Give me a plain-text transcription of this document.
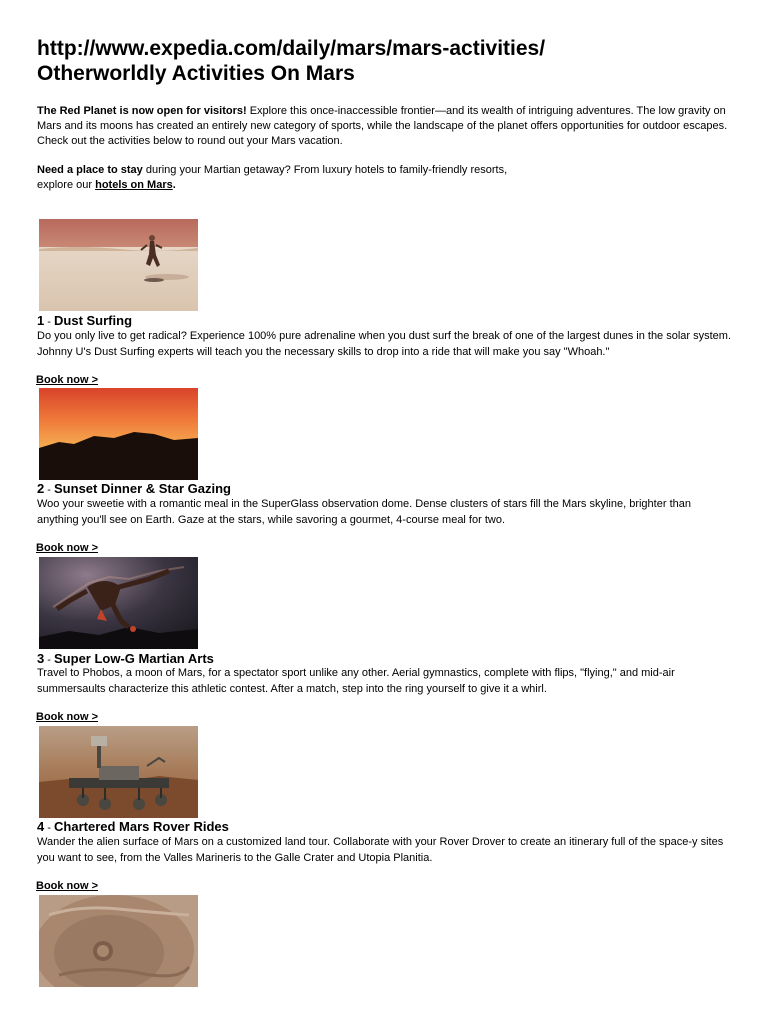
http://www.expedia.com/daily/mars/mars-activities/
Otherworldly Activities On Mars

The Red Planet is now open for visitors! Explore this once-inaccessible frontier—and its wealth of intriguing adventures. The low gravity on Mars and its moons has created an entirely new category of sports, while the landscape of the planet offers opportunities for outdoor escapes. Check out the activities below to round out your Mars vacation.

Need a place to stay during your Martian getaway? From luxury hotels to family-friendly resorts,
explore our hotels on Mars.

1 - Dust Surfing

Do you only live to get radical? Experience 100% pure adrenaline when you dust surf the break of one of the largest dunes in the solar system. Johnny U's Dust Surfing experts will teach you the necessary skills to drop into a ride that will make you say "Whoah."

Book now >
2 - Sunset Dinner & Star Gazing

Woo your sweetie with a romantic meal in the SuperGlass observation dome. Dense clusters of stars fill the Mars skyline, brighter than anything you'll see on Earth. Gaze at the stars, while savoring a gourmet, 4-course meal for two.

Book now >
3 - Super Low-G Martian Arts

Travel to Phobos, a moon of Mars, for a spectator sport unlike any other. Aerial gymnastics, complete with flips, "flying," and mid-air summersaults characterize this athletic contest. After a match, step into the ring yourself to give it a whirl.

Book now >
4 - Chartered Mars Rover Rides

Wander the alien surface of Mars on a customized land tour. Collaborate with your Rover Drover to create an itinerary full of the space-y sites you want to see, from the Valles Marineris to the Galle Crater and Utopia Planitia.

Book now >
